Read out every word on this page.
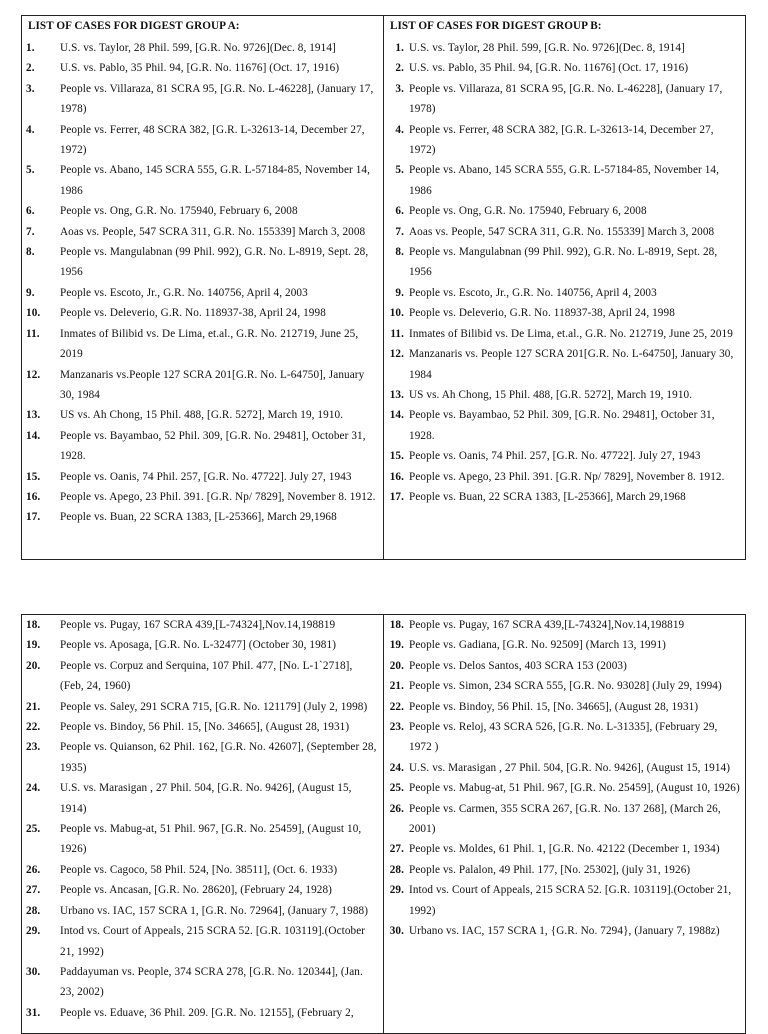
LIST OF CASES FOR DIGEST GROUP A:
1.	U.S. vs. Taylor, 28 Phil. 599, [G.R. No. 9726](Dec. 8, 1914]
2.	U.S. vs. Pablo, 35 Phil. 94, [G.R. No. 11676] (Oct. 17, 1916)
3.	People vs. Villaraza, 81 SCRA 95, [G.R. No. L-46228], (January 17, 1978)
4.	People vs. Ferrer, 48 SCRA 382, [G.R. L-32613-14, December 27, 1972)
5.	People vs. Abano, 145 SCRA 555, G.R. L-57184-85, November 14, 1986
6.	People vs. Ong, G.R. No. 175940, February 6, 2008
7.	Aoas vs. People, 547 SCRA 311, G.R. No. 155339] March 3, 2008
8.	People vs. Mangulabnan (99 Phil. 992), G.R. No. L-8919, Sept. 28, 1956
9.	People vs. Escoto, Jr., G.R. No. 140756, April 4, 2003
10.	People vs. Deleverio, G.R. No. 118937-38, April 24, 1998
11.	Inmates of Bilibid vs. De Lima, et.al., G.R. No. 212719, June 25, 2019
12.	Manzanaris vs.People 127 SCRA 201[G.R. No. L-64750], January 30, 1984
13.	US vs. Ah Chong, 15 Phil. 488, [G.R. 5272], March 19, 1910.
14.	People vs. Bayambao, 52 Phil. 309, [G.R. No. 29481], October 31, 1928.
15.	People vs. Oanis, 74 Phil. 257, [G.R. No. 47722]. July 27, 1943
16.	People vs. Apego, 23 Phil. 391. [G.R. Np/ 7829], November 8. 1912.
17.	People vs. Buan, 22 SCRA 1383, [L-25366], March 29,1968

LIST OF CASES FOR DIGEST GROUP B:
1. U.S. vs. Taylor, 28 Phil. 599, [G.R. No. 9726](Dec. 8, 1914]
2. U.S. vs. Pablo, 35 Phil. 94, [G.R. No. 11676] (Oct. 17, 1916)
3. People vs. Villaraza, 81 SCRA 95, [G.R. No. L-46228], (January 17, 1978)
4. People vs. Ferrer, 48 SCRA 382, [G.R. L-32613-14, December 27, 1972)
5. People vs. Abano, 145 SCRA 555, G.R. L-57184-85, November 14, 1986
6. People vs. Ong, G.R. No. 175940, February 6, 2008
7. Aoas vs. People, 547 SCRA 311, G.R. No. 155339] March 3, 2008
8. People vs. Mangulabnan (99 Phil. 992), G.R. No. L-8919, Sept. 28, 1956
9. People vs. Escoto, Jr., G.R. No. 140756, April 4, 2003
10. People vs. Deleverio, G.R. No. 118937-38, April 24, 1998
11. Inmates of Bilibid vs. De Lima, et.al., G.R. No. 212719, June 25, 2019
12. Manzanaris vs. People 127 SCRA 201[G.R. No. L-64750], January 30, 1984
13. US vs. Ah Chong, 15 Phil. 488, [G.R. 5272], March 19, 1910.
14. People vs. Bayambao, 52 Phil. 309, [G.R. No. 29481], October 31, 1928.
15. People vs. Oanis, 74 Phil. 257, [G.R. No. 47722]. July 27, 1943
16. People vs. Apego, 23 Phil. 391. [G.R. Np/ 7829], November 8. 1912.
17. People vs. Buan, 22 SCRA 1383, [L-25366], March 29,1968
18.	People vs. Pugay, 167 SCRA 439,[L-74324],Nov.14,198819
19.	People vs. Aposaga, [G.R. No. L-32477] (October 30, 1981)
20.	People vs. Corpuz and Serquina, 107 Phil. 477, [No. L-1`2718], (Feb, 24, 1960)
21.	People vs. Saley, 291 SCRA 715, [G.R. No. 121179] (July 2, 1998)
22.	People vs. Bindoy, 56 Phil. 15, [No. 34665], (August 28, 1931)
23.	People vs. Quianson, 62 Phil. 162, [G.R. No. 42607], (September 28, 1935)
24.	U.S. vs. Marasigan , 27 Phil. 504, [G.R. No. 9426], (August 15, 1914)
25.	People vs. Mabug-at, 51 Phil. 967, [G.R. No. 25459], (August 10, 1926)
26.	People vs. Cagoco, 58 Phil. 524, [No. 38511], (Oct. 6. 1933)
27.	People vs. Ancasan, [G.R. No. 28620], (February 24, 1928)
28.	Urbano vs. IAC, 157 SCRA 1, [G.R. No. 72964], (January 7, 1988)
29.	Intod vs. Court of Appeals, 215 SCRA 52. [G.R. 103119].(October 21, 1992)
30.	Paddayuman vs. People, 374 SCRA 278, [G.R. No. 120344], (Jan. 23, 2002)
31.	People vs. Eduave, 36 Phil. 209. [G.R. No. 12155], (February 2,

18. People vs. Pugay, 167 SCRA 439,[L-74324],Nov.14,198819
19. People vs. Gadiana, [G.R. No. 92509] (March 13, 1991)
20. People vs. Delos Santos, 403 SCRA 153 (2003)
21. People vs. Simon, 234 SCRA 555, [G.R. No. 93028] (July 29, 1994)
22. People vs. Bindoy, 56 Phil. 15, [No. 34665], (August 28, 1931)
23. People vs. Reloj, 43 SCRA 526, [G.R. No. L-31335], (February 29, 1972 )
24. U.S. vs. Marasigan , 27 Phil. 504, [G.R. No. 9426], (August 15, 1914)
25. People vs. Mabug-at, 51 Phil. 967, [G.R. No. 25459], (August 10, 1926)
26. People vs. Carmen, 355 SCRA 267, [G.R. No. 137 268], (March 26, 2001)
27. People vs. Moldes, 61 Phil. 1, [G.R. No. 42122 (December 1, 1934)
28. People vs. Palalon, 49 Phil. 177, [No. 25302], (july 31, 1926)
29. Intod vs. Court of Appeals, 215 SCRA 52. [G.R. 103119].(October 21, 1992)
30. Urbano vs. IAC, 157 SCRA 1, {G.R. No. 7294}, (January 7, 1988z)
